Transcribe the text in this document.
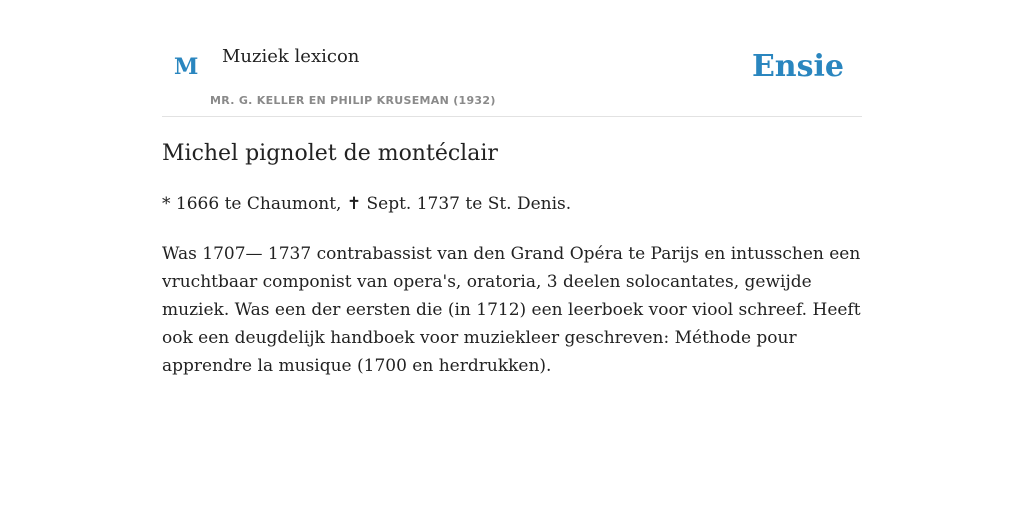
M Muziek lexicon
MR. G. KELLER EN PHILIP KRUSEMAN (1932)
Ensie
Michel pignolet de montéclair

* 1666 te Chaumont, ✝ Sept. 1737 te St. Denis.

Was 1707— 1737 contrabassist van den Grand Opéra te Parijs en intusschen een vruchtbaar componist van opera's, oratoria, 3 deelen solocantates, gewijde muziek. Was een der eersten die (in 1712) een leerboek voor viool schreef. Heeft ook een deugdelijk handboek voor muziekleer geschreven: Méthode pour apprendre la musique (1700 en herdrukken).
